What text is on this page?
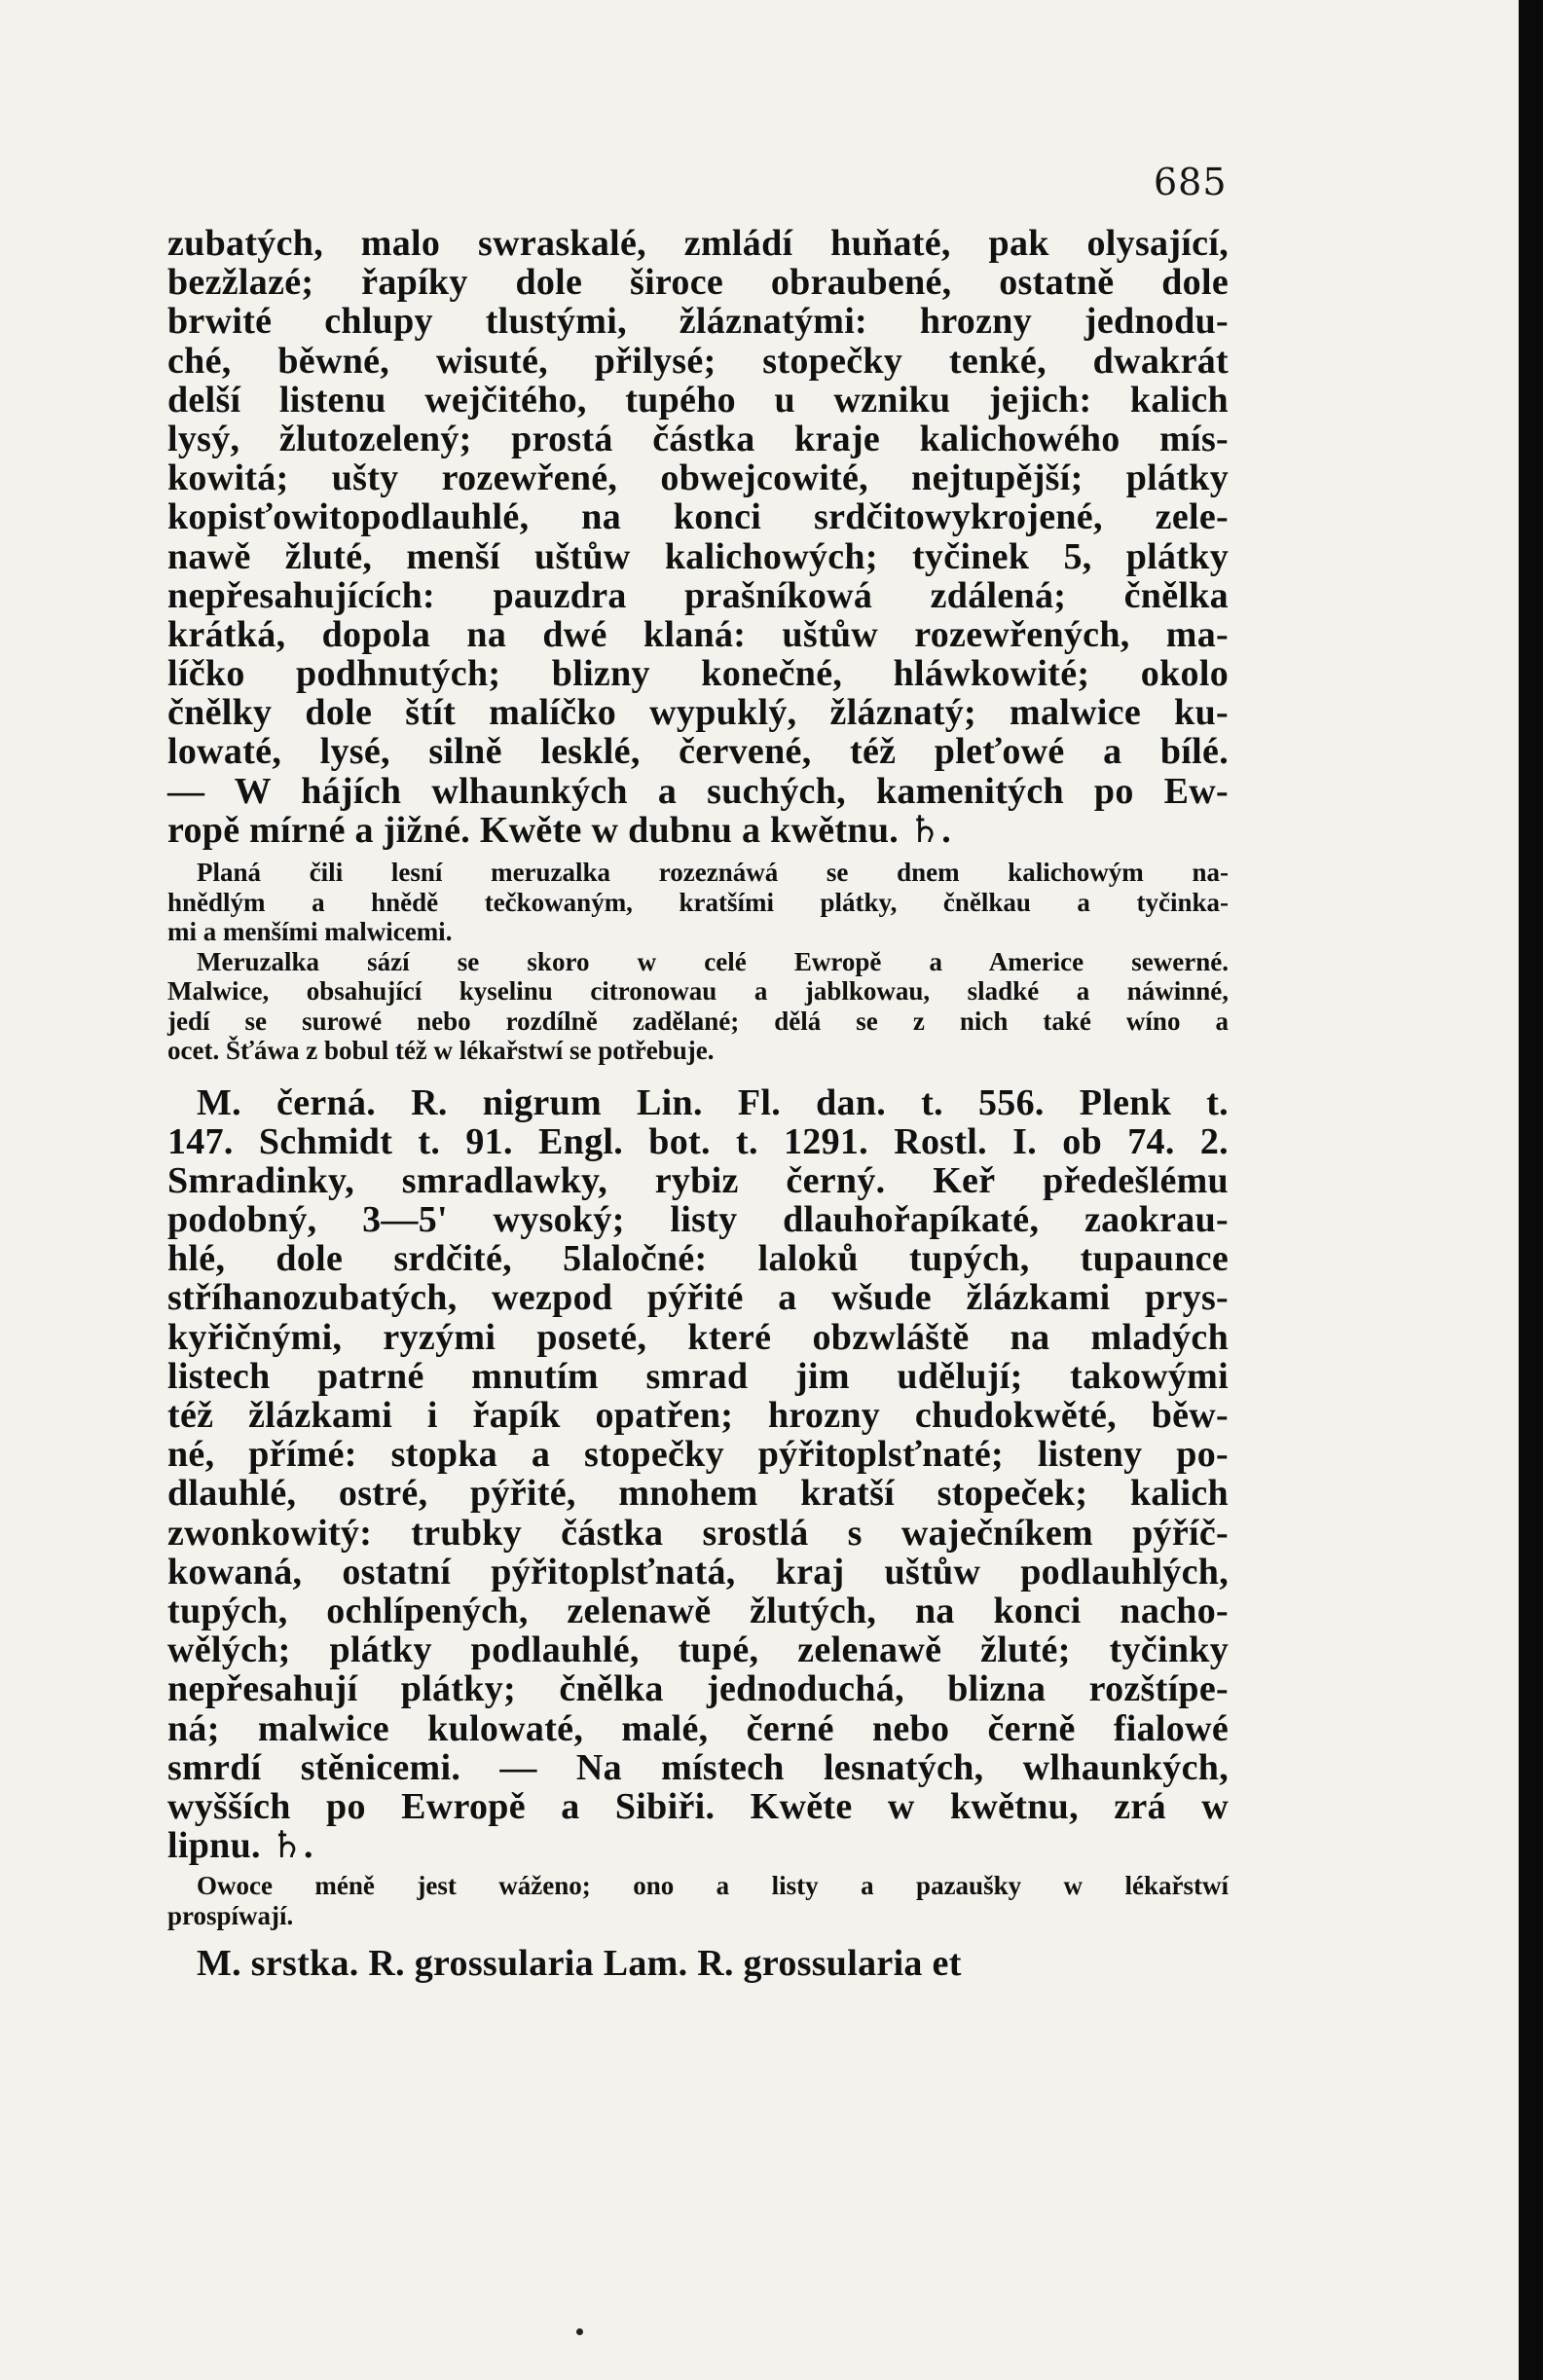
685
zubatých, malo swraskalé, zmládí huňaté, pak olysající,
bezžlazé; řapíky dole široce obraubené, ostatně dole
brwité chlupy tlustými, žláznatými: hrozny jednodu-
ché, běwné, wisuté, přilysé; stopečky tenké, dwakrát
delší listenu wejčitého, tupého u wzniku jejich: kalich
lysý, žlutozelený; prostá částka kraje kalichowého mís-
kowitá; ušty rozewřené, obwejcowité, nejtupější; plátky
kopisťowitopodlauhlé, na konci srdčitowykrojené, zele-
nawě žluté, menší uštůw kalichowých; tyčinek 5, plátky
nepřesahujících: pauzdra prašníkowá zdálená; čnělka
krátká, dopola na dwé klaná: uštůw rozewřených, ma-
líčko podhnutých; blizny konečné, hláwkowité; okolo
čnělky dole štít malíčko wypuklý, žláznatý; malwice ku-
lowaté, lysé, silně lesklé, červené, též pleťowé a bílé.
— W hájích wlhaunkých a suchých, kamenitých po Ew-
ropě mírné a jižné. Kwěte w dubnu a kwětnu. ♄.
Planá čili lesní meruzalka rozeznáwá se dnem kalichowým na-
hnědlým a hnědě tečkowaným, kratšími plátky, čnělkau a tyčinka-
mi a menšími malwicemi.
Meruzalka sází se skoro w celé Ewropě a Americe sewerné.
Malwice, obsahující kyselinu citronowau a jablkowau, sladké a náwinné,
jedí se surowé nebo rozdílně zadělané; dělá se z nich také wíno a
ocet. Šťáwa z bobul též w lékařstwí se potřebuje.
M. černá. R. nigrum Lin. Fl. dan. t. 556. Plenk t.
147. Schmidt t. 91. Engl. bot. t. 1291. Rostl. I. ob 74. 2.
Smradinky, smradlawky, rybiz černý. Keř předešlému
podobný, 3—5' wysoký; listy dlauhořapíkaté, zaokrau-
hlé, dole srdčité, 5laločné: laloků tupých, tupaunce
stříhanozubatých, wezpod pýřité a wšude žlázkami prys-
kyřičnými, ryzými poseté, které obzwláště na mladých
listech patrné mnutím smrad jim udělují; takowými
též žlázkami i řapík opatřen; hrozny chudokwěté, běw-
né, přímé: stopka a stopečky pýřitoplsťnaté; listeny po-
dlauhlé, ostré, pýřité, mnohem kratší stopeček; kalich
zwonkowitý: trubky částka srostlá s waječníkem pýříč-
kowaná, ostatní pýřitoplsťnatá, kraj uštůw podlauhlých,
tupých, ochlípených, zelenawě žlutých, na konci nacho-
wělých; plátky podlauhlé, tupé, zelenawě žluté; tyčinky
nepřesahují plátky; čnělka jednoduchá, blizna rozštípe-
ná; malwice kulowaté, malé, černé nebo černě fialowé
smrdí stěnicemi. — Na místech lesnatých, wlhaunkých,
wyšších po Ewropě a Sibiři. Kwěte w kwětnu, zrá w
lipnu. ♄.
Owoce méně jest wáženo; ono a listy a pazaušky w lékařstwí
prospíwají.
M. srstka. R. grossularia Lam. R. grossularia et
